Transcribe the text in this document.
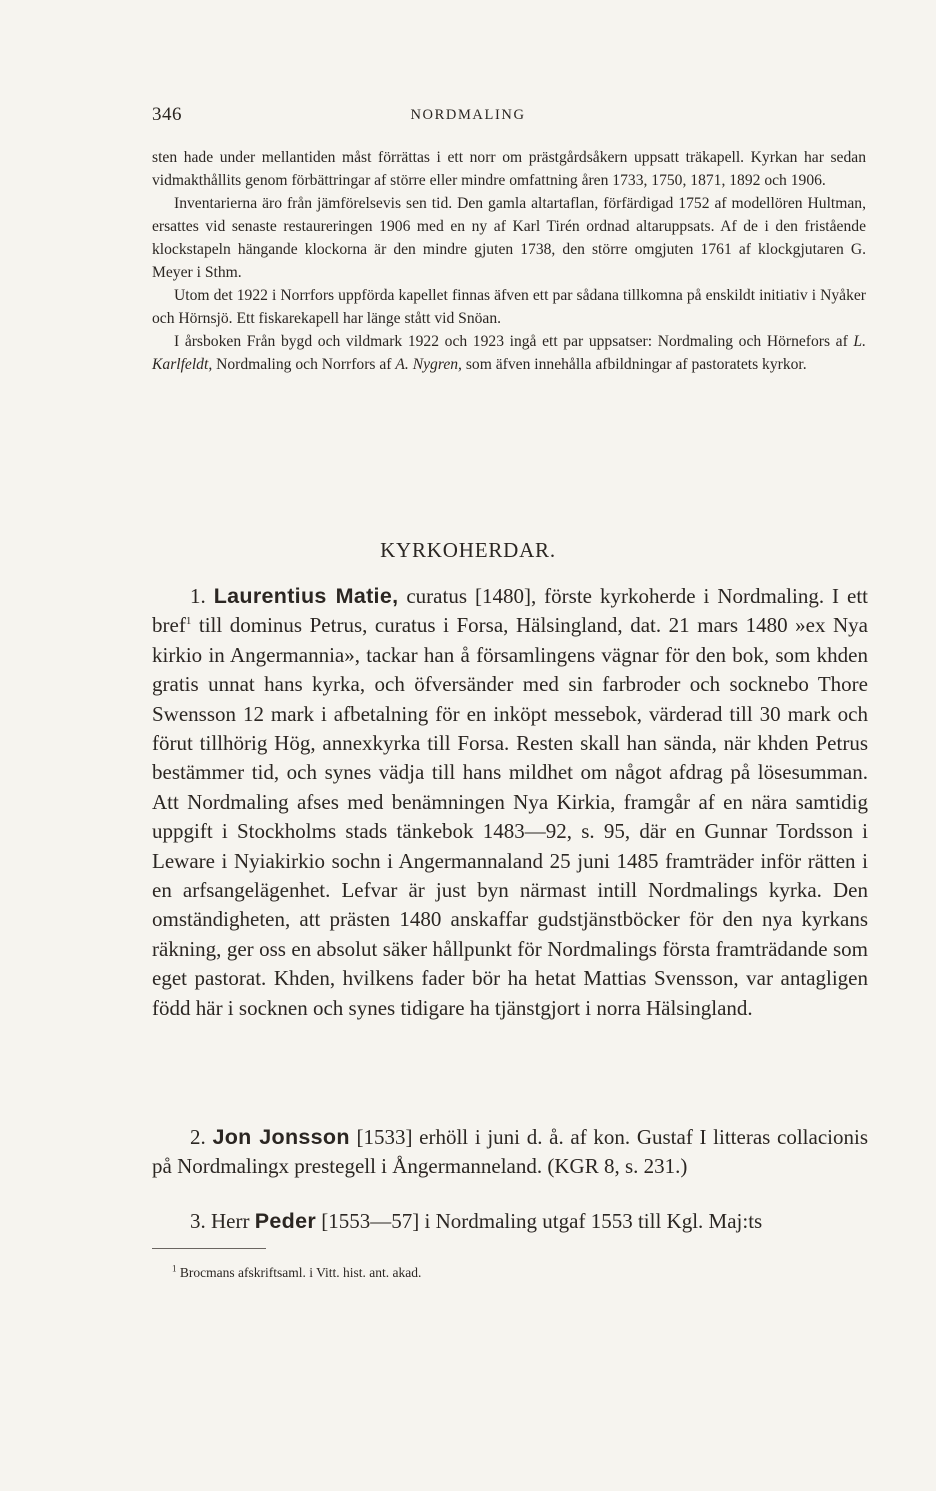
346	NORDMALING

sten hade under mellantiden måst förrättas i ett norr om prästgårdsåkern uppsatt träkapell. Kyrkan har sedan vidmakthållits genom förbättringar af större eller mindre omfattning åren 1733, 1750, 1871, 1892 och 1906.

Inventarierna äro från jämförelsevis sen tid. Den gamla altartaflan, förfärdigad 1752 af modellören Hultman, ersattes vid senaste restaureringen 1906 med en ny af Karl Tirén ordnad altaruppsats. Af de i den fristående klockstapeln hängande klockorna är den mindre gjuten 1738, den större omgjuten 1761 af klockgjutaren G. Meyer i Sthm.

Utom det 1922 i Norrfors uppförda kapellet finnas äfven ett par sådana tillkomna på enskildt initiativ i Nyåker och Hörnsjö. Ett fiskarekapell har länge stått vid Snöan.

I årsboken Från bygd och vildmark 1922 och 1923 ingå ett par uppsatser: Nordmaling och Hörnefors af L. Karlfeldt, Nordmaling och Norrfors af A. Nygren, som äfven innehålla afbildningar af pastoratets kyrkor.

KYRKOHERDAR.

1. Laurentius Matie, curatus [1480], förste kyrkoherde i Nordmaling. I ett bref$^1$ till dominus Petrus, curatus i Forsa, Hälsingland, dat. 21 mars 1480 »ex Nya kirkio in Angermannia», tackar han å församlingens vägnar för den bok, som khden gratis unnat hans kyrka, och öfversänder med sin farbroder och socknebo Thore Swensson 12 mark i afbetalning för en inköpt messebok, värderad till 30 mark och förut tillhörig Hög, annexkyrka till Forsa. Resten skall han sända, när khden Petrus bestämmer tid, och synes vädja till hans mildhet om något afdrag på lösesumman. Att Nordmaling afses med benämningen Nya Kirkia, framgår af en nära samtidig uppgift i Stockholms stads tänkebok 1483—92, s. 95, där en Gunnar Tordsson i Leware i Nyiakirkio sochn i Angermannaland 25 juni 1485 framträder inför rätten i en arfsangelägenhet. Lefvar är just byn närmast intill Nordmalings kyrka. Den omständigheten, att prästen 1480 anskaffar gudstjänstböcker för den nya kyrkans räkning, ger oss en absolut säker hållpunkt för Nordmalings första framträdande som eget pastorat. Khden, hvilkens fader bör ha hetat Mattias Svensson, var antagligen född här i socknen och synes tidigare ha tjänstgjort i norra Hälsingland.

2. Jon Jonsson [1533] erhöll i juni d. å. af kon. Gustaf I litteras collacionis på Nordmalingx prestegell i Ångermanneland. (KGR 8, s. 231.)

3. Herr Peder [1553—57] i Nordmaling utgaf 1553 till Kgl. Maj:ts

$^1$ Brocmans afskriftsaml. i Vitt. hist. ant. akad.
